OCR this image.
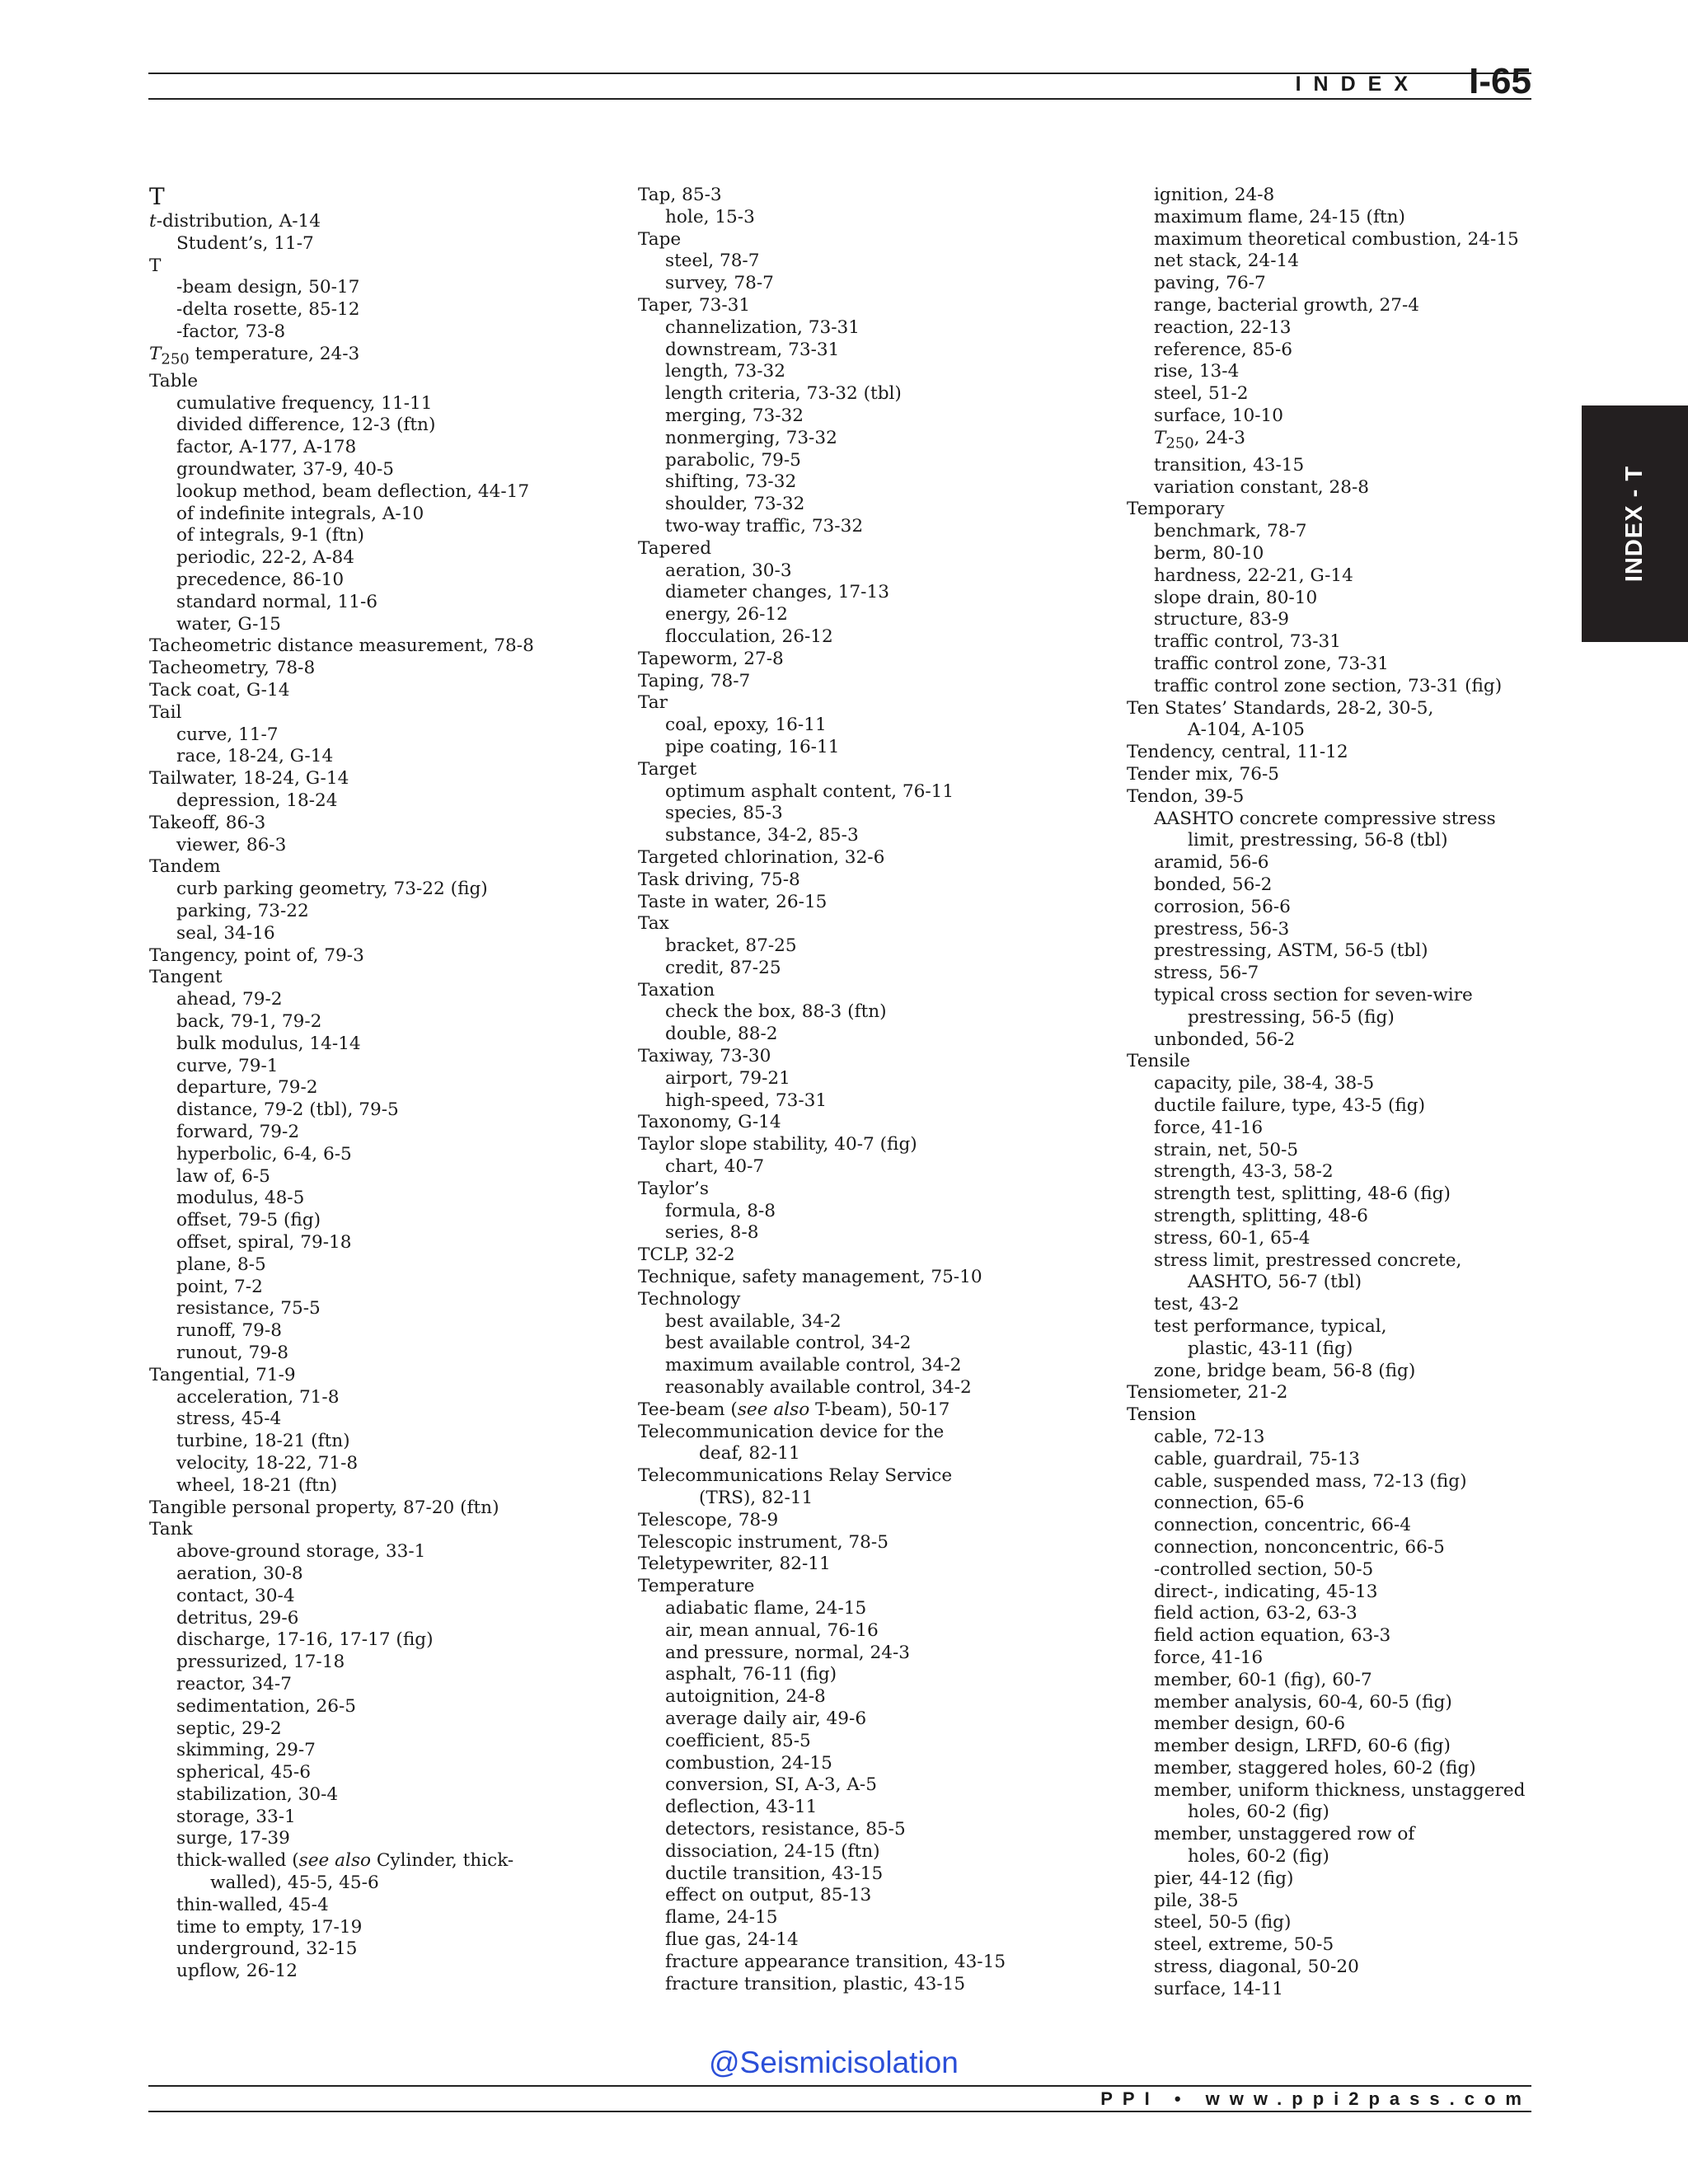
INDEX I-65
INDEX - T
T
t-distribution, A-14
Student’s, 11-7
T
-beam design, 50-17
-delta rosette, 85-12
-factor, 73-8
$T_{250}$ temperature, 24-3
Table
cumulative frequency, 11-11
divided difference, 12-3 (ftn)
factor, A-177, A-178
groundwater, 37-9, 40-5
lookup method, beam deflection, 44-17
of indefinite integrals, A-10
of integrals, 9-1 (ftn)
periodic, 22-2, A-84
precedence, 86-10
standard normal, 11-6
water, G-15
Tacheometric distance measurement, 78-8
Tacheometry, 78-8
Tack coat, G-14
Tail
curve, 11-7
race, 18-24, G-14
Tailwater, 18-24, G-14
depression, 18-24
Takeoff, 86-3
viewer, 86-3
Tandem
curb parking geometry, 73-22 (fig)
parking, 73-22
seal, 34-16
Tangency, point of, 79-3
Tangent
ahead, 79-2
back, 79-1, 79-2
bulk modulus, 14-14
curve, 79-1
departure, 79-2
distance, 79-2 (tbl), 79-5
forward, 79-2
hyperbolic, 6-4, 6-5
law of, 6-5
modulus, 48-5
offset, 79-5 (fig)
offset, spiral, 79-18
plane, 8-5
point, 7-2
resistance, 75-5
runoff, 79-8
runout, 79-8
Tangential, 71-9
acceleration, 71-8
stress, 45-4
turbine, 18-21 (ftn)
velocity, 18-22, 71-8
wheel, 18-21 (ftn)
Tangible personal property, 87-20 (ftn)
Tank
above-ground storage, 33-1
aeration, 30-8
contact, 30-4
detritus, 29-6
discharge, 17-16, 17-17 (fig)
pressurized, 17-18
reactor, 34-7
sedimentation, 26-5
septic, 29-2
skimming, 29-7
spherical, 45-6
stabilization, 30-4
storage, 33-1
surge, 17-39
thick-walled (see also Cylinder, thick-
walled), 45-5, 45-6
thin-walled, 45-4
time to empty, 17-19
underground, 32-15
upflow, 26-12
Tap, 85-3
hole, 15-3
Tape
steel, 78-7
survey, 78-7
Taper, 73-31
channelization, 73-31
downstream, 73-31
length, 73-32
length criteria, 73-32 (tbl)
merging, 73-32
nonmerging, 73-32
parabolic, 79-5
shifting, 73-32
shoulder, 73-32
two-way traffic, 73-32
Tapered
aeration, 30-3
diameter changes, 17-13
energy, 26-12
flocculation, 26-12
Tapeworm, 27-8
Taping, 78-7
Tar
coal, epoxy, 16-11
pipe coating, 16-11
Target
optimum asphalt content, 76-11
species, 85-3
substance, 34-2, 85-3
Targeted chlorination, 32-6
Task driving, 75-8
Taste in water, 26-15
Tax
bracket, 87-25
credit, 87-25
Taxation
check the box, 88-3 (ftn)
double, 88-2
Taxiway, 73-30
airport, 79-21
high-speed, 73-31
Taxonomy, G-14
Taylor slope stability, 40-7 (fig)
chart, 40-7
Taylor’s
formula, 8-8
series, 8-8
TCLP, 32-2
Technique, safety management, 75-10
Technology
best available, 34-2
best available control, 34-2
maximum available control, 34-2
reasonably available control, 34-2
Tee-beam (see also T-beam), 50-17
Telecommunication device for the
deaf, 82-11
Telecommunications Relay Service
(TRS), 82-11
Telescope, 78-9
Telescopic instrument, 78-5
Teletypewriter, 82-11
Temperature
adiabatic flame, 24-15
air, mean annual, 76-16
and pressure, normal, 24-3
asphalt, 76-11 (fig)
autoignition, 24-8
average daily air, 49-6
coefficient, 85-5
combustion, 24-15
conversion, SI, A-3, A-5
deflection, 43-11
detectors, resistance, 85-5
dissociation, 24-15 (ftn)
ductile transition, 43-15
effect on output, 85-13
flame, 24-15
flue gas, 24-14
fracture appearance transition, 43-15
fracture transition, plastic, 43-15
ignition, 24-8
maximum flame, 24-15 (ftn)
maximum theoretical combustion, 24-15
net stack, 24-14
paving, 76-7
range, bacterial growth, 27-4
reaction, 22-13
reference, 85-6
rise, 13-4
steel, 51-2
surface, 10-10
$T_{250}$, 24-3
transition, 43-15
variation constant, 28-8
Temporary
benchmark, 78-7
berm, 80-10
hardness, 22-21, G-14
slope drain, 80-10
structure, 83-9
traffic control, 73-31
traffic control zone, 73-31
traffic control zone section, 73-31 (fig)
Ten States’ Standards, 28-2, 30-5,
A-104, A-105
Tendency, central, 11-12
Tender mix, 76-5
Tendon, 39-5
AASHTO concrete compressive stress
limit, prestressing, 56-8 (tbl)
aramid, 56-6
bonded, 56-2
corrosion, 56-6
prestress, 56-3
prestressing, ASTM, 56-5 (tbl)
stress, 56-7
typical cross section for seven-wire
prestressing, 56-5 (fig)
unbonded, 56-2
Tensile
capacity, pile, 38-4, 38-5
ductile failure, type, 43-5 (fig)
force, 41-16
strain, net, 50-5
strength, 43-3, 58-2
strength test, splitting, 48-6 (fig)
strength, splitting, 48-6
stress, 60-1, 65-4
stress limit, prestressed concrete,
AASHTO, 56-7 (tbl)
test, 43-2
test performance, typical,
plastic, 43-11 (fig)
zone, bridge beam, 56-8 (fig)
Tensiometer, 21-2
Tension
cable, 72-13
cable, guardrail, 75-13
cable, suspended mass, 72-13 (fig)
connection, 65-6
connection, concentric, 66-4
connection, nonconcentric, 66-5
-controlled section, 50-5
direct-, indicating, 45-13
field action, 63-2, 63-3
field action equation, 63-3
force, 41-16
member, 60-1 (fig), 60-7
member analysis, 60-4, 60-5 (fig)
member design, 60-6
member design, LRFD, 60-6 (fig)
member, staggered holes, 60-2 (fig)
member, uniform thickness, unstaggered
holes, 60-2 (fig)
member, unstaggered row of
holes, 60-2 (fig)
pier, 44-12 (fig)
pile, 38-5
steel, 50-5 (fig)
steel, extreme, 50-5
stress, diagonal, 50-20
surface, 14-11
@Seismicisolation
PPI • www.ppi2pass.com
